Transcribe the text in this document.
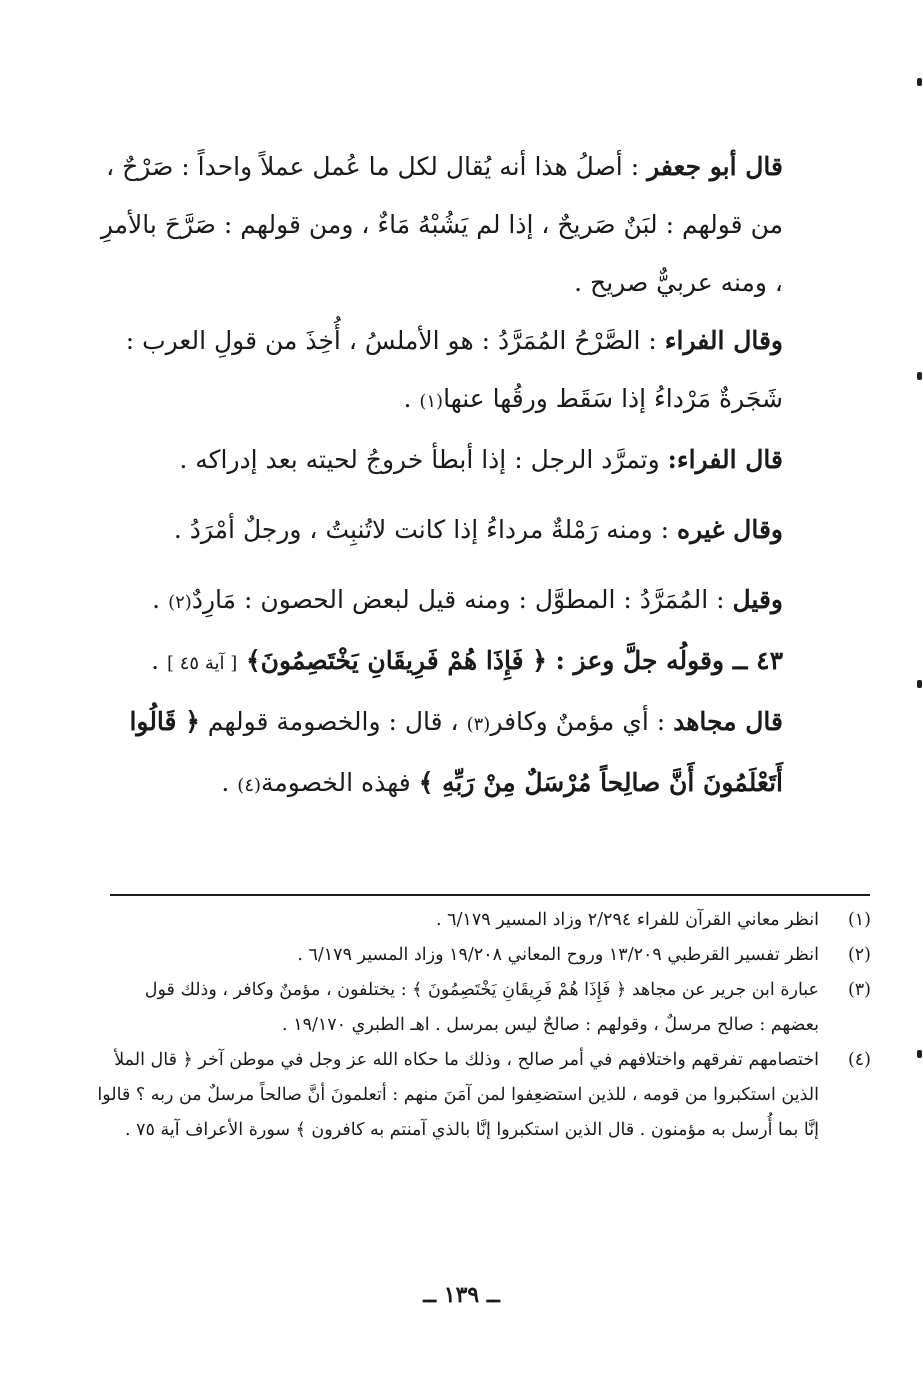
قال أبو جعفر : أصلُ هذا أنه يُقال لكل ما عُمل عملاً واحداً : صَرْحٌ ، من قولهم : لبَنٌ صَريحٌ ، إذا لم يَشُبْهُ مَاءٌ ، ومن قولهم : صَرَّحَ بالأمرِ ، ومنه عربيٌّ صريح .

وقال الفراء : الصَّرْحُ المُمَرَّدُ : هو الأملسُ ، أُخِذَ من قولِ العرب : شَجَرةٌ مَرْداءُ إذا سَقَط ورقُها عنها(١) .

قال الفراء: وتمرَّد الرجل : إذا أبطأ خروجُ لحيته بعد إدراكه .

وقال غيره : ومنه رَمْلةٌ مرداءُ إذا كانت لاتُنبِتُ ، ورجلٌ أمْرَدُ .

وقيل : المُمَرَّدُ : المطوَّل : ومنه قيل لبعض الحصون : مَارِدٌ(٢) .

٤٣ ــ وقولُه جلَّ وعز : ﴿ فَإِذَا هُمْ فَرِيقَانِ يَخْتَصِمُونَ﴾ [ آية ٤٥ ] .

قال مجاهد : أي مؤمنٌ وكافر(٣) ، قال : والخصومة قولهم ﴿ قَالُوا أَتَعْلَمُونَ أَنَّ صالِحاً مُرْسَلٌ مِنْ رَبِّهِ ﴾ فهذه الخصومة(٤) .

(١)
انظر معاني القرآن للفراء ٢/٢٩٤ وزاد المسير ٦/١٧٩ .
(٢)
انظر تفسير القرطبي ١٣/٢٠٩ وروح المعاني ١٩/٢٠٨ وزاد المسير ٦/١٧٩ .
(٣)
عبارة ابن جرير عن مجاهد ﴿ فَإِذَا هُمْ فَرِيقَانِ يَخْتَصِمُونَ ﴾ : يختلفون ، مؤمنٌ وكافر ، وذلك قول بعضهم : صالح مرسلٌ ، وقولهم : صالحٌ ليس بمرسل . اهـ الطبري ١٩/١٧٠ .
(٤)
اختصامهم تفرقهم واختلافهم في أمر صالح ، وذلك ما حكاه الله عز وجل في موطن آخر ﴿ قال الملأ الذين استكبروا من قومه ، للذين استضعِفوا لمن آمَنَ منهم : أتعلمونَ أنَّ صالحاً مرسلٌ من ربه ؟ قالوا إنَّا بما أُرسل به مؤمنون . قال الذين استكبروا إنَّا بالذي آمنتم به كافرون ﴾ سورة الأعراف آية ٧٥ .
ــ ١٣٩ ــ
